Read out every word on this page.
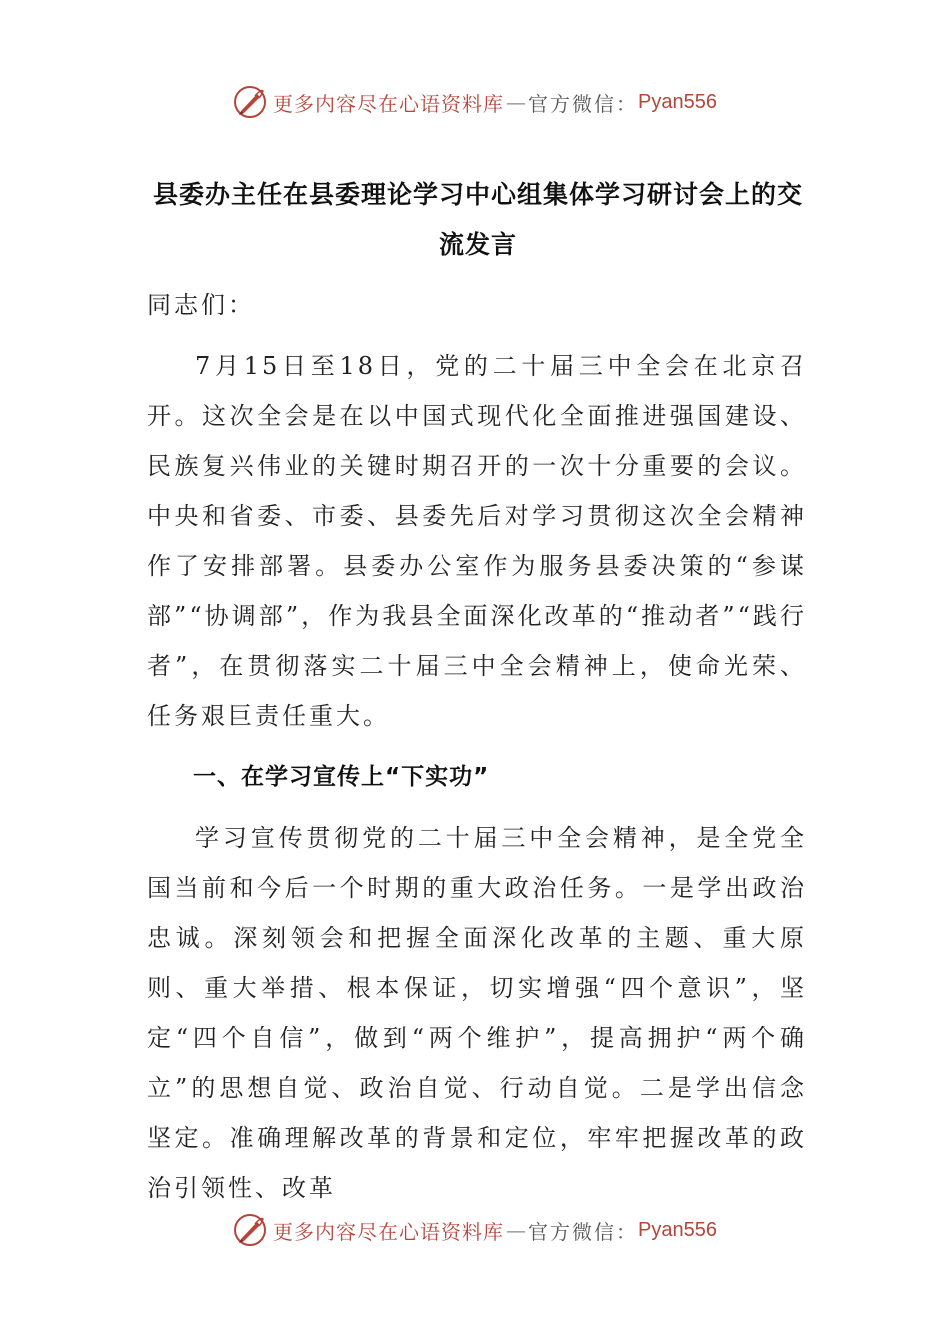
更多内容尽在心语资料库 — 官方微信： Pyan556
县委办主任在县委理论学习中心组集体学习研讨会上的交流发言

同志们：

7月15日至18日，党的二十届三中全会在北京召开。这次全会是在以中国式现代化全面推进强国建设、民族复兴伟业的关键时期召开的一次十分重要的会议。中央和省委、市委、县委先后对学习贯彻这次全会精神作了安排部署。县委办公室作为服务县委决策的“参谋部”“协调部”，作为我县全面深化改革的“推动者”“践行者”，在贯彻落实二十届三中全会精神上，使命光荣、任务艰巨责任重大。

一、在学习宣传上“下实功”

学习宣传贯彻党的二十届三中全会精神，是全党全国当前和今后一个时期的重大政治任务。一是学出政治忠诚。深刻领会和把握全面深化改革的主题、重大原则、重大举措、根本保证，切实增强“四个意识”，坚定“四个自信”，做到“两个维护”，提高拥护“两个确立”的思想自觉、政治自觉、行动自觉。二是学出信念坚定。准确理解改革的背景和定位，牢牢把握改革的政治引领性、改革

更多内容尽在心语资料库 — 官方微信： Pyan556
